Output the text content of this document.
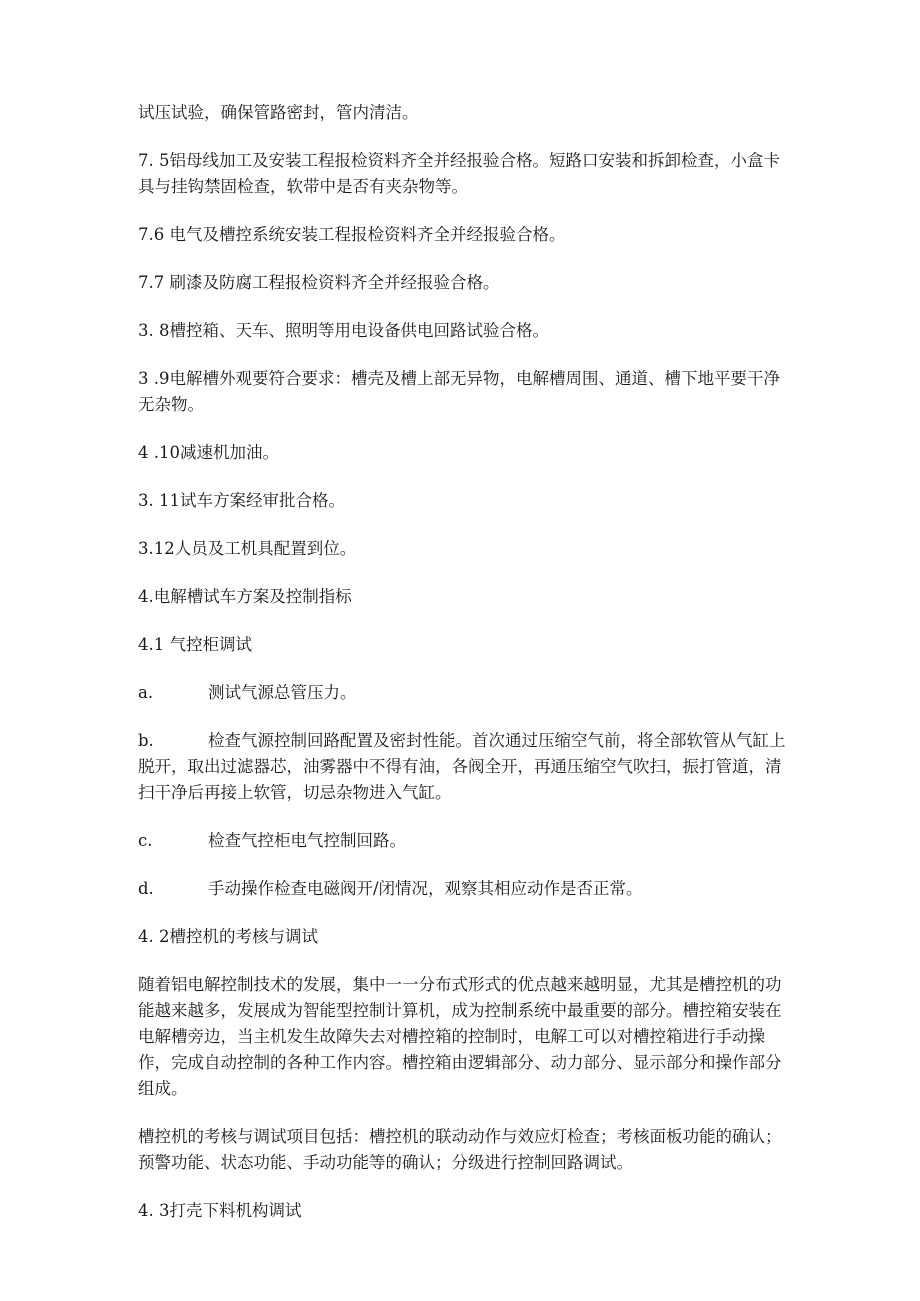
试压试验，确保管路密封，管内清洁。

7. 5铝母线加工及安装工程报检资料齐全并经报验合格。短路口安装和拆卸检查，小盒卡具与挂钩禁固检查，软带中是否有夹杂物等。

7.6 电气及槽控系统安装工程报检资料齐全并经报验合格。

7.7 刷漆及防腐工程报检资料齐全并经报验合格。

3. 8槽控箱、天车、照明等用电设备供电回路试验合格。

3 .9电解槽外观要符合要求：槽壳及槽上部无异物，电解槽周围、通道、槽下地平要干净无杂物。

4 .10减速机加油。

3. 11试车方案经审批合格。

3.12人员及工机具配置到位。

4.电解槽试车方案及控制指标

4.1 气控柜调试

a.	测试气源总管压力。
b.	检查气源控制回路配置及密封性能。首次通过压缩空气前，将全部软管从气缸上脱开，取出过滤器芯，油雾器中不得有油，各阀全开，再通压缩空气吹扫，振打管道，清扫干净后再接上软管，切忌杂物进入气缸。
c.	检查气控柜电气控制回路。
d.	手动操作检查电磁阀开/闭情况，观察其相应动作是否正常。

4. 2槽控机的考核与调试

随着铝电解控制技术的发展，集中一一分布式形式的优点越来越明显，尤其是槽控机的功能越来越多，发展成为智能型控制计算机，成为控制系统中最重要的部分。槽控箱安装在电解槽旁边，当主机发生故障失去对槽控箱的控制时，电解工可以对槽控箱进行手动操作，完成自动控制的各种工作内容。槽控箱由逻辑部分、动力部分、显示部分和操作部分组成。

槽控机的考核与调试项目包括：槽控机的联动动作与效应灯检查；考核面板功能的确认；预警功能、状态功能、手动功能等的确认；分级进行控制回路调试。

4. 3打壳下料机构调试
